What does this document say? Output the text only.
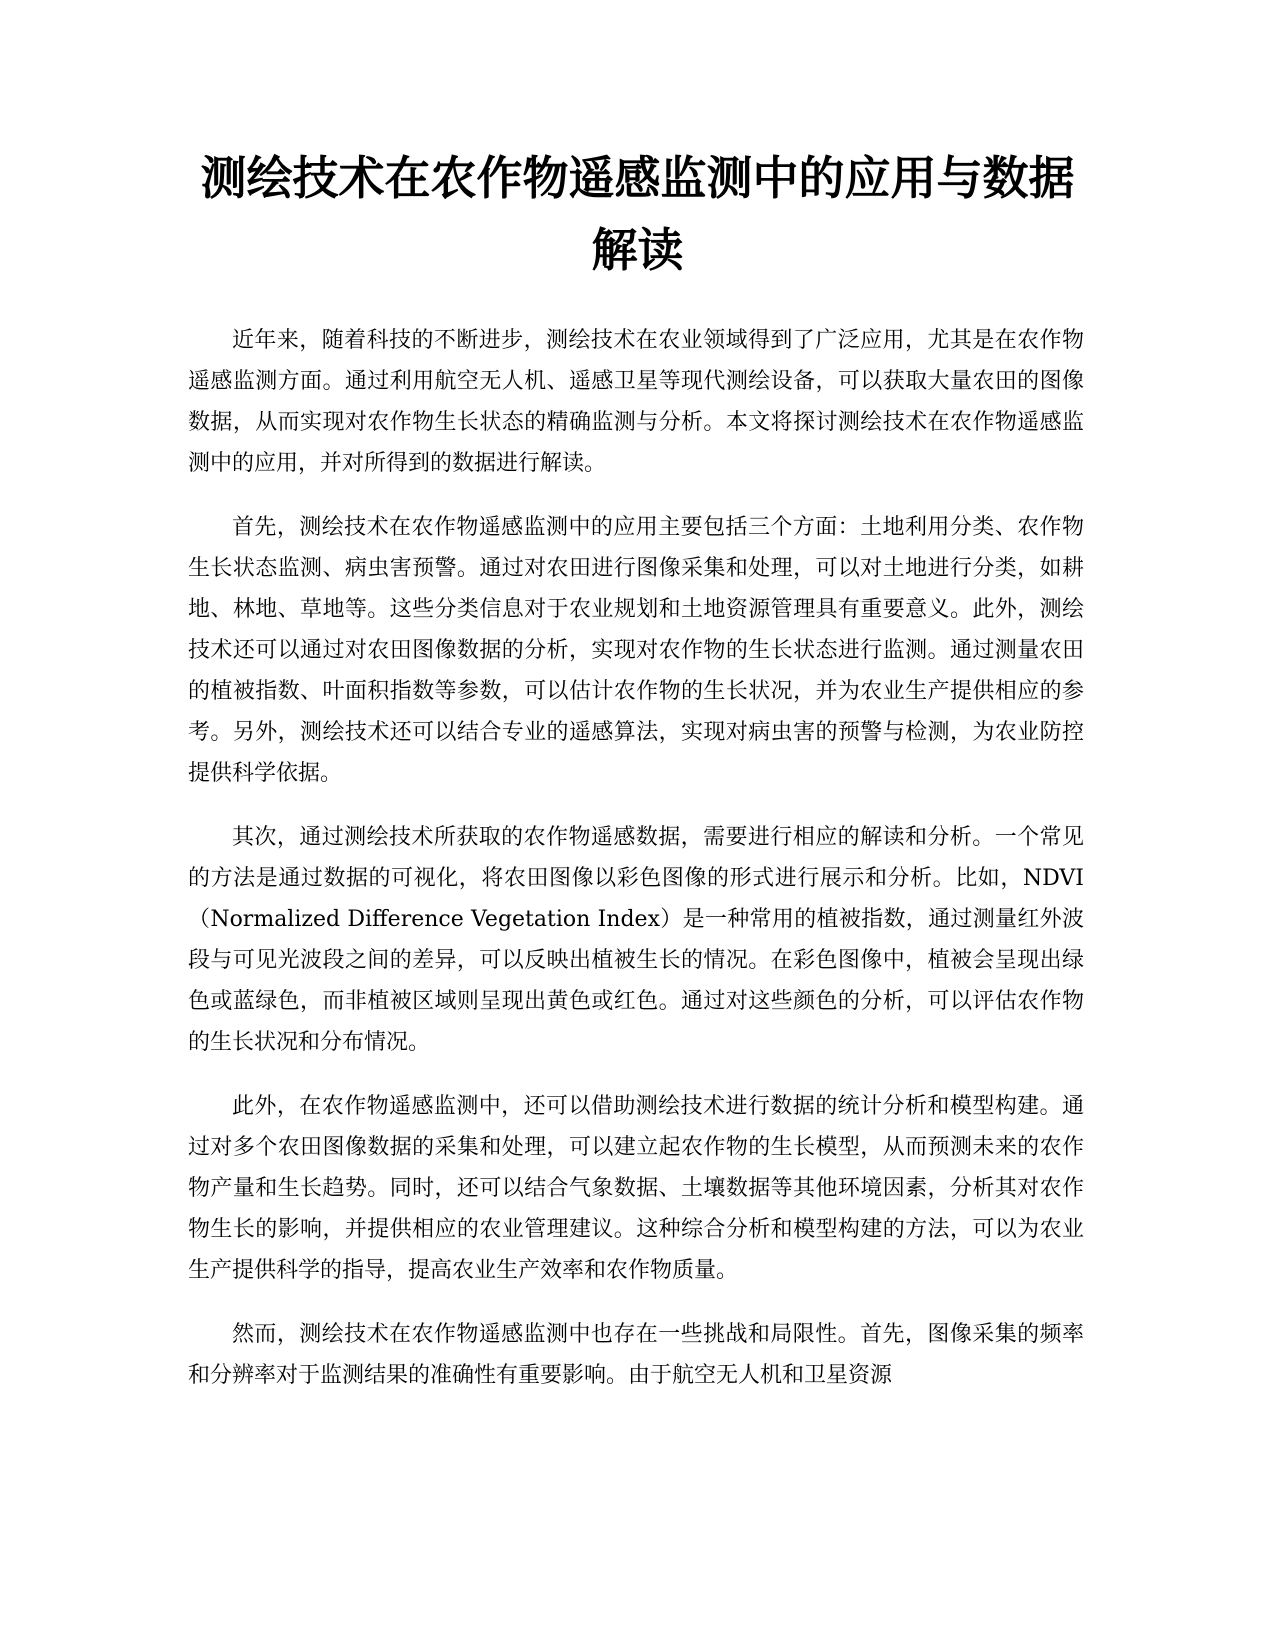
测绘技术在农作物遥感监测中的应用与数据解读

近年来，随着科技的不断进步，测绘技术在农业领域得到了广泛应用，尤其是在农作物遥感监测方面。通过利用航空无人机、遥感卫星等现代测绘设备，可以获取大量农田的图像数据，从而实现对农作物生长状态的精确监测与分析。本文将探讨测绘技术在农作物遥感监测中的应用，并对所得到的数据进行解读。

首先，测绘技术在农作物遥感监测中的应用主要包括三个方面：土地利用分类、农作物生长状态监测、病虫害预警。通过对农田进行图像采集和处理，可以对土地进行分类，如耕地、林地、草地等。这些分类信息对于农业规划和土地资源管理具有重要意义。此外，测绘技术还可以通过对农田图像数据的分析，实现对农作物的生长状态进行监测。通过测量农田的植被指数、叶面积指数等参数，可以估计农作物的生长状况，并为农业生产提供相应的参考。另外，测绘技术还可以结合专业的遥感算法，实现对病虫害的预警与检测，为农业防控提供科学依据。

其次，通过测绘技术所获取的农作物遥感数据，需要进行相应的解读和分析。一个常见的方法是通过数据的可视化，将农田图像以彩色图像的形式进行展示和分析。比如，NDVI（Normalized Difference Vegetation Index）是一种常用的植被指数，通过测量红外波段与可见光波段之间的差异，可以反映出植被生长的情况。在彩色图像中，植被会呈现出绿色或蓝绿色，而非植被区域则呈现出黄色或红色。通过对这些颜色的分析，可以评估农作物的生长状况和分布情况。

此外，在农作物遥感监测中，还可以借助测绘技术进行数据的统计分析和模型构建。通过对多个农田图像数据的采集和处理，可以建立起农作物的生长模型，从而预测未来的农作物产量和生长趋势。同时，还可以结合气象数据、土壤数据等其他环境因素，分析其对农作物生长的影响，并提供相应的农业管理建议。这种综合分析和模型构建的方法，可以为农业生产提供科学的指导，提高农业生产效率和农作物质量。

然而，测绘技术在农作物遥感监测中也存在一些挑战和局限性。首先，图像采集的频率和分辨率对于监测结果的准确性有重要影响。由于航空无人机和卫星资源
